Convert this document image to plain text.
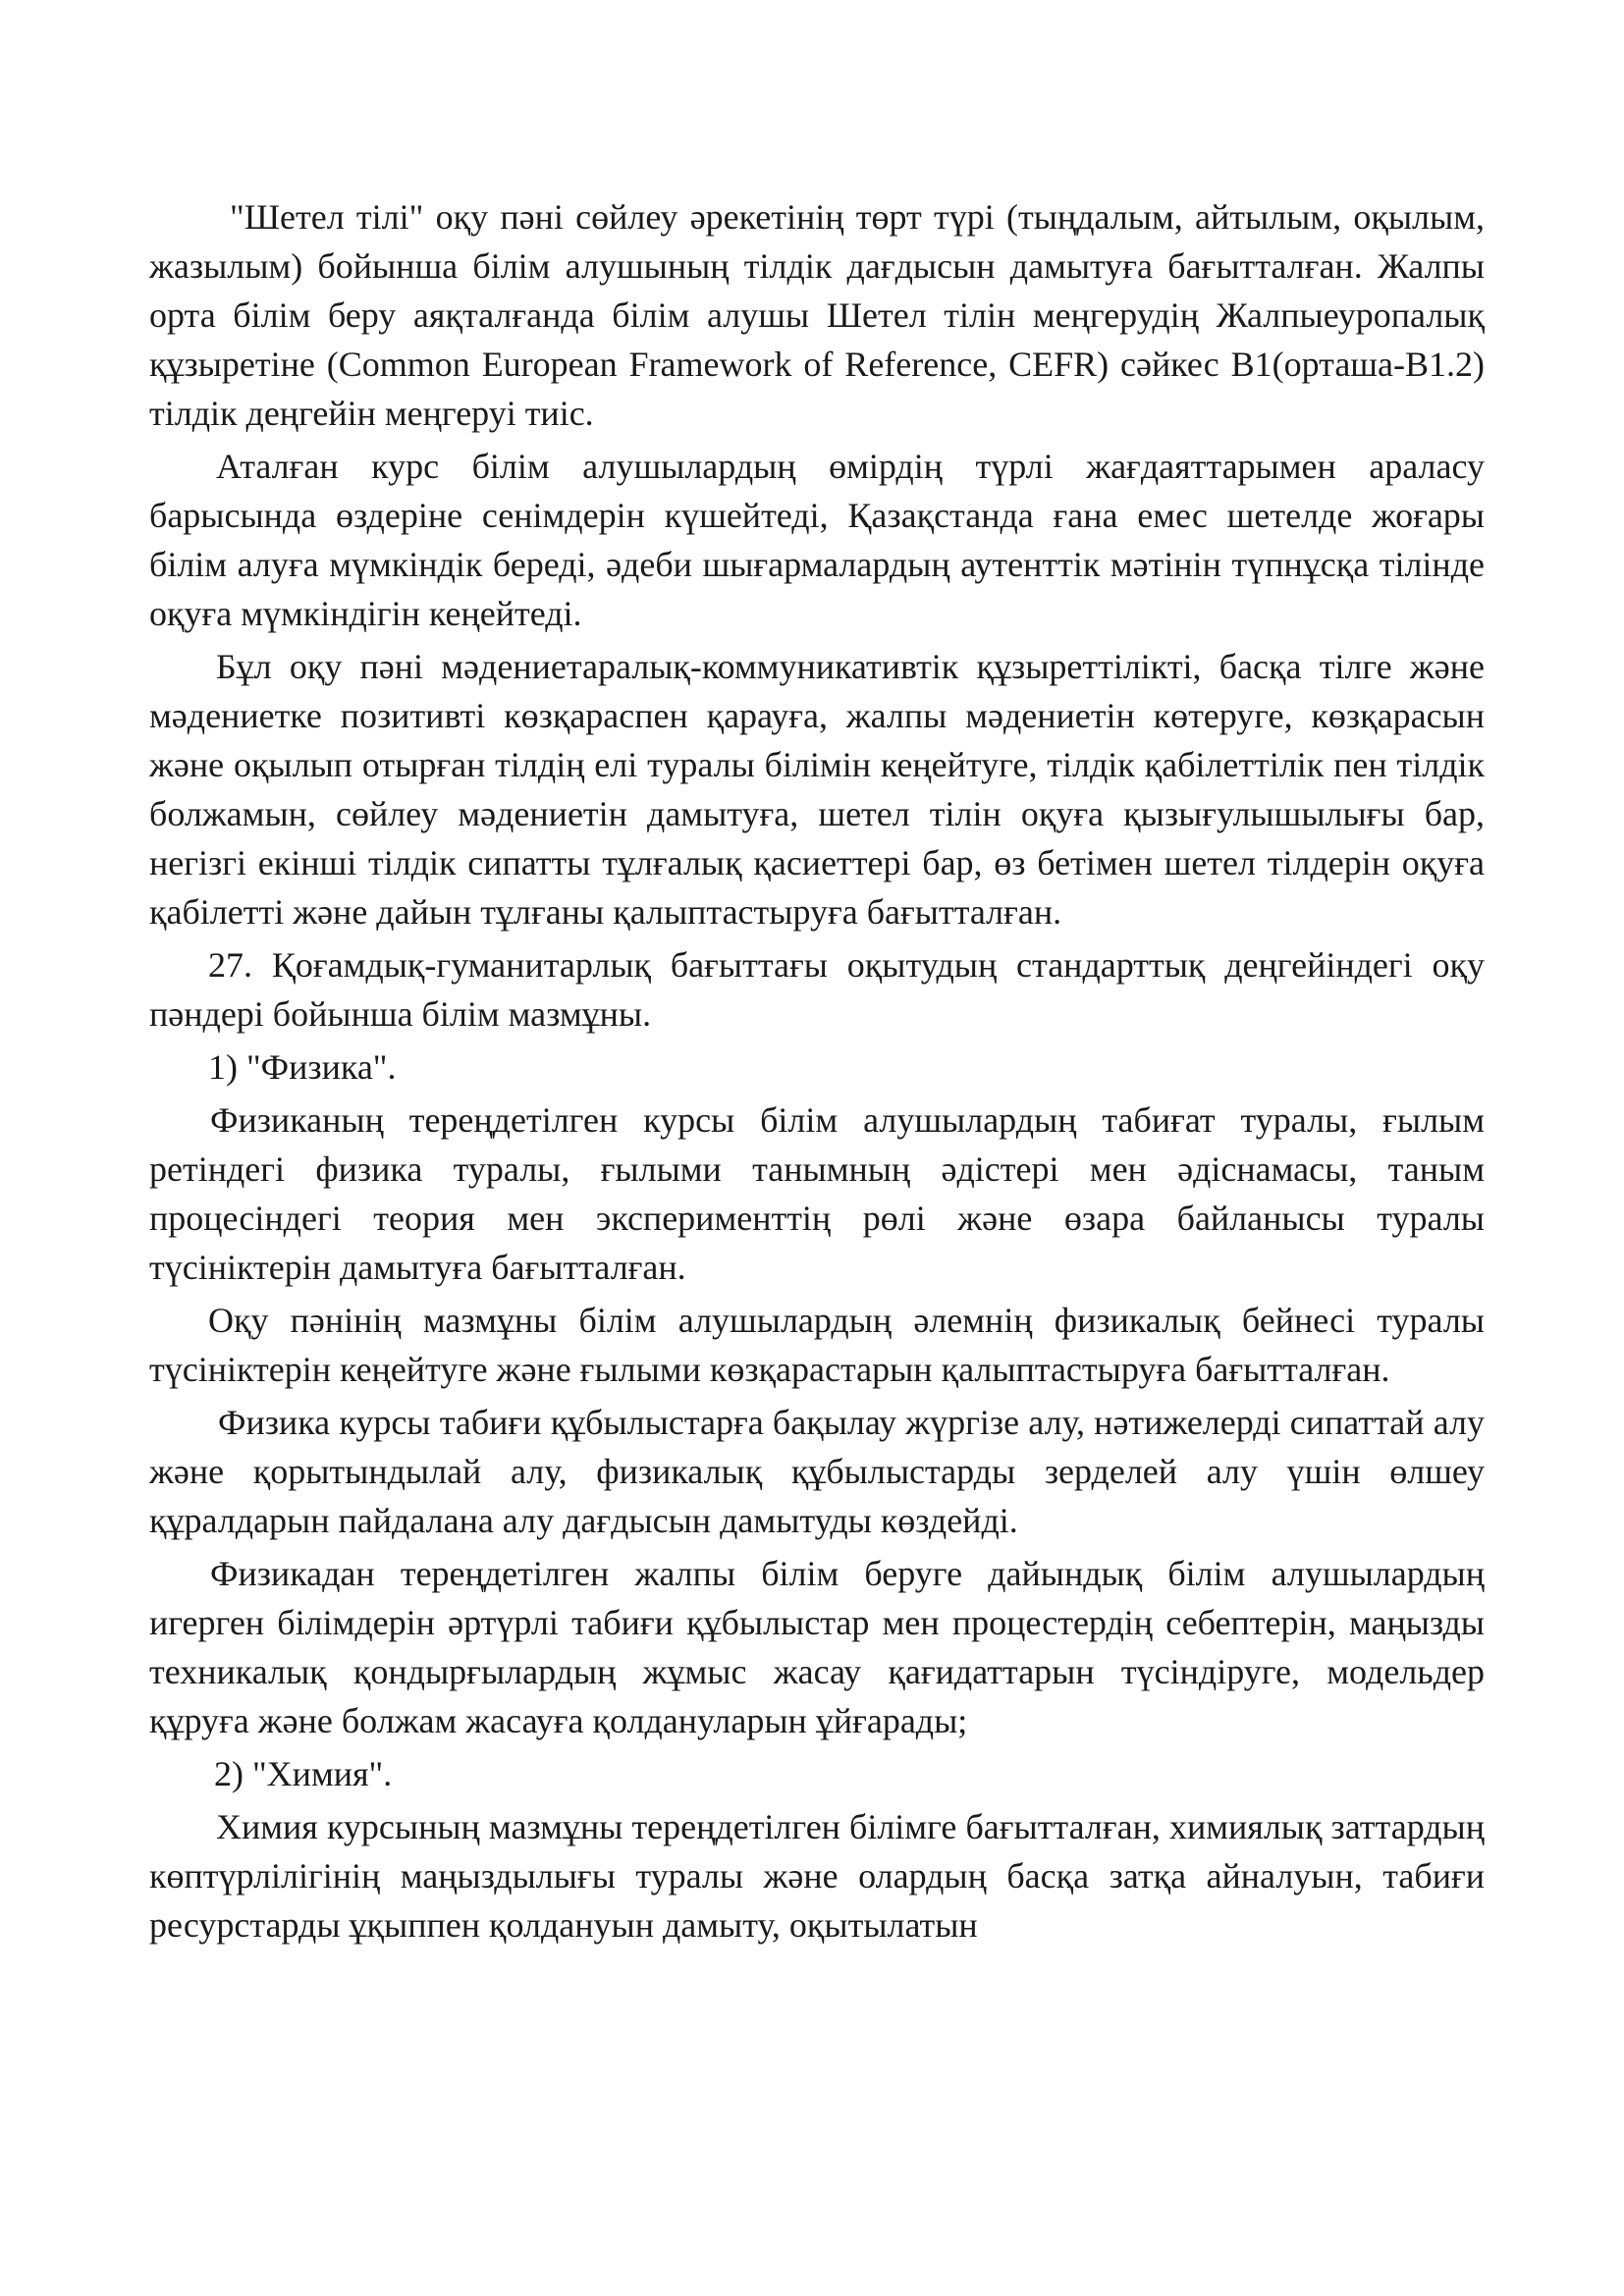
"Шетел тілі" оқу пәні сөйлеу әрекетінің төрт түрі (тыңдалым, айтылым, оқылым, жазылым) бойынша білім алушының тілдік дағдысын дамытуға бағытталған. Жалпы орта білім беру аяқталғанда білім алушы Шетел тілін меңгерудің Жалпыеуропалық құзыретіне (Common European Framework of Reference, CEFR) сәйкес B1(орташа-B1.2) тілдік деңгейін меңгеруі тиіс.

Аталған курс білім алушылардың өмірдің түрлі жағдаяттарымен араласу барысында өздеріне сенімдерін күшейтеді, Қазақстанда ғана емес шетелде жоғары білім алуға мүмкіндік береді, әдеби шығармалардың аутенттік мәтінін түпнұсқа тілінде оқуға мүмкіндігін кеңейтеді.

Бұл оқу пәні мәдениетаралық-коммуникативтік құзыреттілікті, басқа тілге және мәдениетке позитивті көзқараспен қарауға, жалпы мәдениетін көтеруге, көзқарасын және оқылып отырған тілдің елі туралы білімін кеңейтуге, тілдік қабілеттілік пен тілдік болжамын, сөйлеу мәдениетін дамытуға, шетел тілін оқуға қызығулышылығы бар, негізгі екінші тілдік сипатты тұлғалық қасиеттері бар, өз бетімен шетел тілдерін оқуға қабілетті және дайын тұлғаны қалыптастыруға бағытталған.

27. Қоғамдық-гуманитарлық бағыттағы оқытудың стандарттық деңгейіндегі оқу пәндері бойынша білім мазмұны.

1) "Физика".

Физиканың тереңдетілген курсы білім алушылардың табиғат туралы, ғылым ретіндегі физика туралы, ғылыми танымның әдістері мен әдіснамасы, таным процесіндегі теория мен эксперименттің рөлі және өзара байланысы туралы түсініктерін дамытуға бағытталған.

Оқу пәнінің мазмұны білім алушылардың әлемнің физикалық бейнесі туралы түсініктерін кеңейтуге және ғылыми көзқарастарын қалыптастыруға бағытталған.

Физика курсы табиғи құбылыстарға бақылау жүргізе алу, нәтижелерді сипаттай алу және қорытындылай алу, физикалық құбылыстарды зерделей алу үшін өлшеу құралдарын пайдалана алу дағдысын дамытуды көздейді.

Физикадан тереңдетілген жалпы білім беруге дайындық білім алушылардың игерген білімдерін әртүрлі табиғи құбылыстар мен процестердің себептерін, маңызды техникалық қондырғылардың жұмыс жасау қағидаттарын түсіндіруге, модельдер құруға және болжам жасауға қолдануларын ұйғарады;

2) "Химия".

Химия курсының мазмұны тереңдетілген білімге бағытталған, химиялық заттардың көптүрлілігінің маңыздылығы туралы және олардың басқа затқа айналуын, табиғи ресурстарды ұқыппен қолдануын дамыту, оқытылатын
